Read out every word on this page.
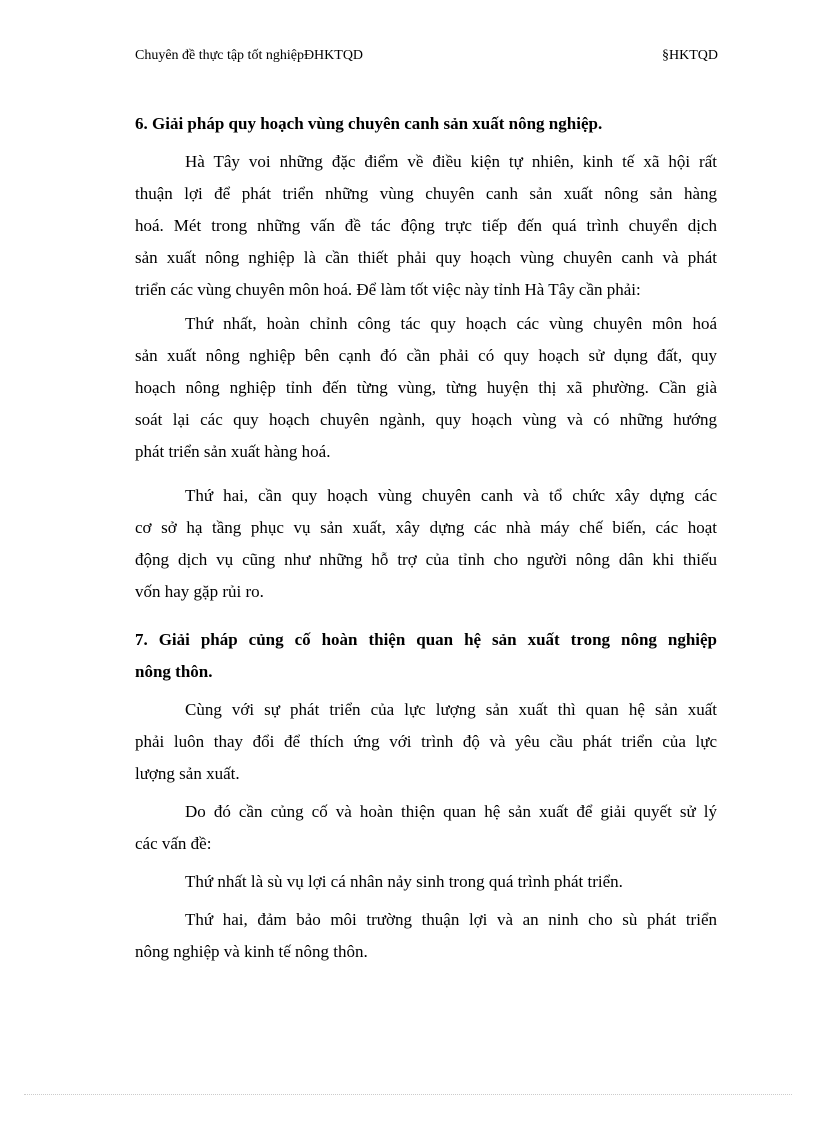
Chuyên đề thực tập tốt nghiệpĐHKTQD	§HKTQD
6. Giải pháp quy hoạch vùng chuyên canh sản xuất nông nghiệp.
Hà Tây voi những đặc điểm về điều kiện tự nhiên, kinh tế xã hội rất
thuận lợi để phát triển những vùng chuyên canh sản xuất nông sản hàng
hoá. Mét trong những vấn đề tác động trực tiếp đến quá trình chuyển dịch
sản xuất nông nghiệp là cần thiết phải quy hoạch vùng chuyên canh và phát
triển các vùng chuyên môn hoá. Để làm tốt việc này tỉnh Hà Tây cần phải:
Thứ nhất, hoàn chỉnh công tác quy hoạch các vùng chuyên môn hoá
sản xuất nông nghiệp bên cạnh đó cần phải có quy hoạch sử dụng đất, quy
hoạch nông nghiệp tỉnh đến từng vùng, từng huyện thị xã phường. Cần già
soát lại các quy hoạch chuyên ngành, quy hoạch vùng và có những hướng
phát triển sản xuất hàng hoá.
Thứ hai, cần quy hoạch vùng chuyên canh và tổ chức xây dựng các
cơ sở hạ tầng phục vụ sản xuất, xây dựng các nhà máy chế biến, các hoạt
động dịch vụ cũng như những hỗ trợ của tỉnh cho người nông dân khi thiếu
vốn hay gặp rủi ro.
7. Giải pháp củng cố hoàn thiện quan hệ sản xuất trong nông nghiệp
nông thôn.
Cùng với sự phát triển của lực lượng sản xuất thì quan hệ sản xuất
phải luôn thay đổi để thích ứng với trình độ và yêu cầu phát triển của lực
lượng sản xuất.
Do đó cần củng cố và hoàn thiện quan hệ sản xuất để giải quyết sử lý
các vấn đề:
Thứ nhất là sù vụ lợi cá nhân nảy sinh trong quá trình phát triển.
Thứ hai, đảm bảo môi trường thuận lợi và an ninh cho sù phát triển
nông nghiệp và kinh tế nông thôn.
